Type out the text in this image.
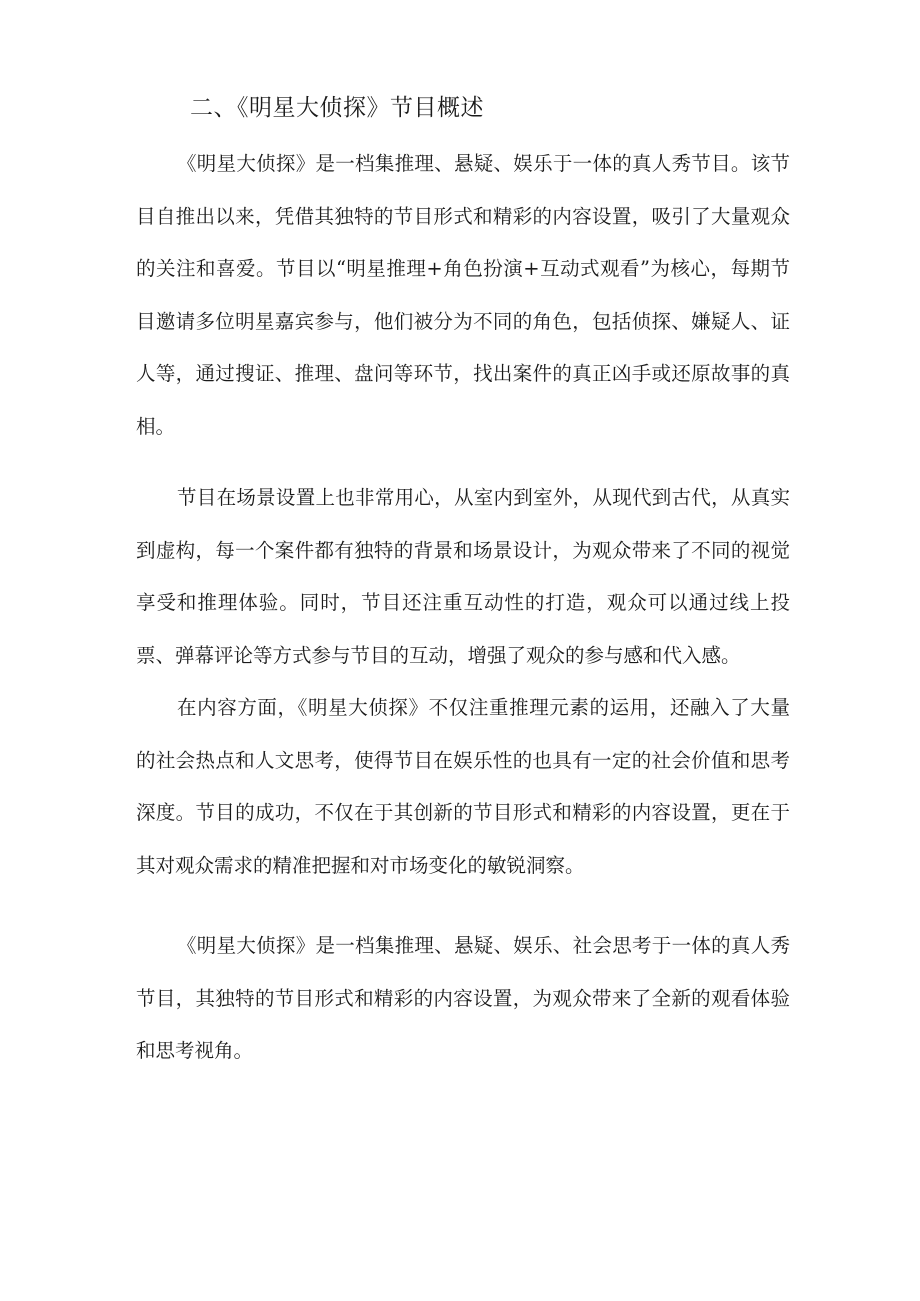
二、《明星大侦探》节目概述

《明星大侦探》是一档集推理、悬疑、娱乐于一体的真人秀节目。该节目自推出以来，凭借其独特的节目形式和精彩的内容设置，吸引了大量观众的关注和喜爱。节目以“明星推理+角色扮演+互动式观看”为核心，每期节目邀请多位明星嘉宾参与，他们被分为不同的角色，包括侦探、嫌疑人、证人等，通过搜证、推理、盘问等环节，找出案件的真正凶手或还原故事的真相。

节目在场景设置上也非常用心，从室内到室外，从现代到古代，从真实到虚构，每一个案件都有独特的背景和场景设计，为观众带来了不同的视觉享受和推理体验。同时，节目还注重互动性的打造，观众可以通过线上投票、弹幕评论等方式参与节目的互动，增强了观众的参与感和代入感。

在内容方面，《明星大侦探》不仅注重推理元素的运用，还融入了大量的社会热点和人文思考，使得节目在娱乐性的也具有一定的社会价值和思考深度。节目的成功，不仅在于其创新的节目形式和精彩的内容设置，更在于其对观众需求的精准把握和对市场变化的敏锐洞察。

《明星大侦探》是一档集推理、悬疑、娱乐、社会思考于一体的真人秀节目，其独特的节目形式和精彩的内容设置，为观众带来了全新的观看体验和思考视角。
